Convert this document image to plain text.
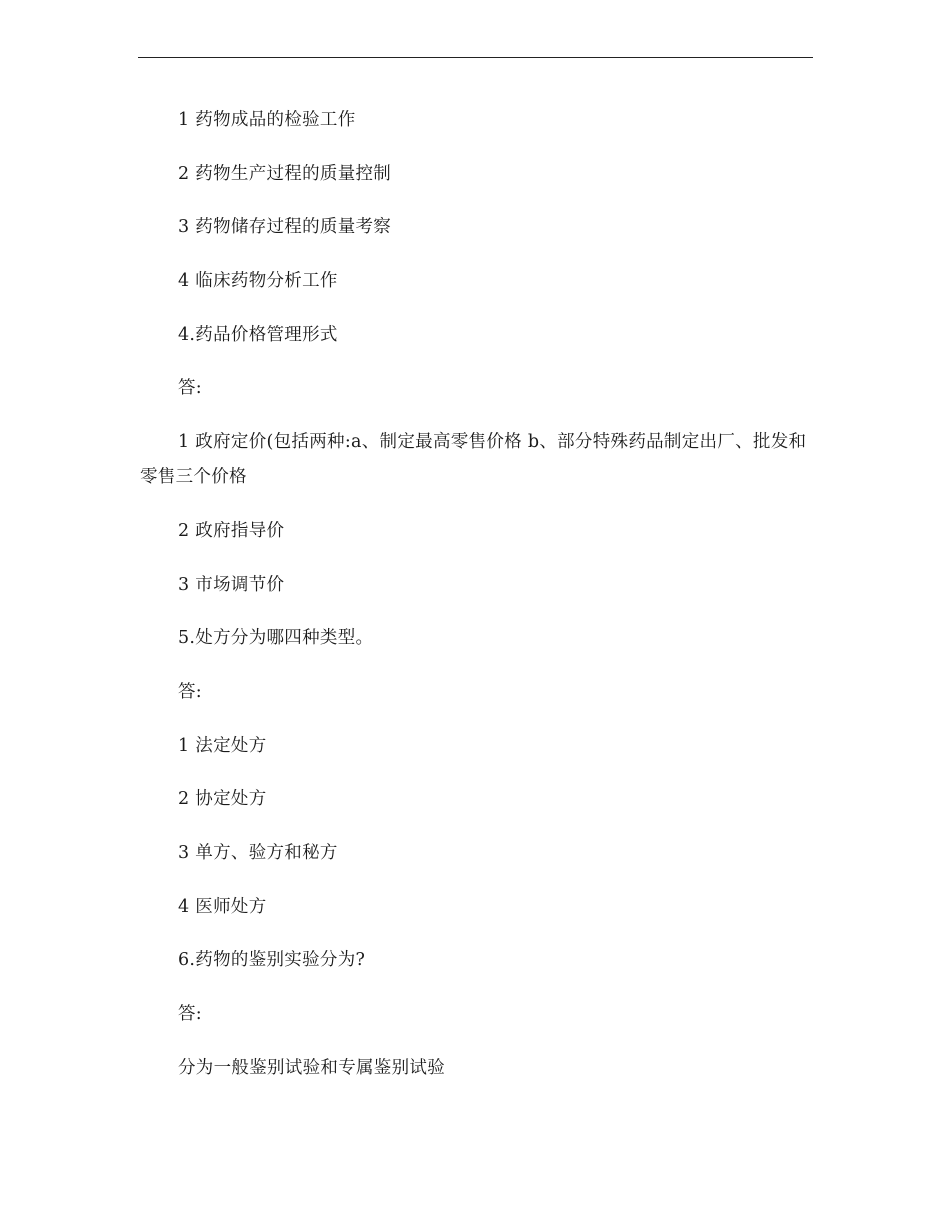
1 药物成品的检验工作

2 药物生产过程的质量控制

3 药物储存过程的质量考察

4 临床药物分析工作

4.药品价格管理形式

答:

1 政府定价(包括两种:a、制定最高零售价格 b、部分特殊药品制定出厂、批发和零售三个价格

2 政府指导价

3 市场调节价

5.处方分为哪四种类型。

答:

1 法定处方

2 协定处方

3 单方、验方和秘方

4 医师处方

6.药物的鉴别实验分为?

答:

分为一般鉴别试验和专属鉴别试验
